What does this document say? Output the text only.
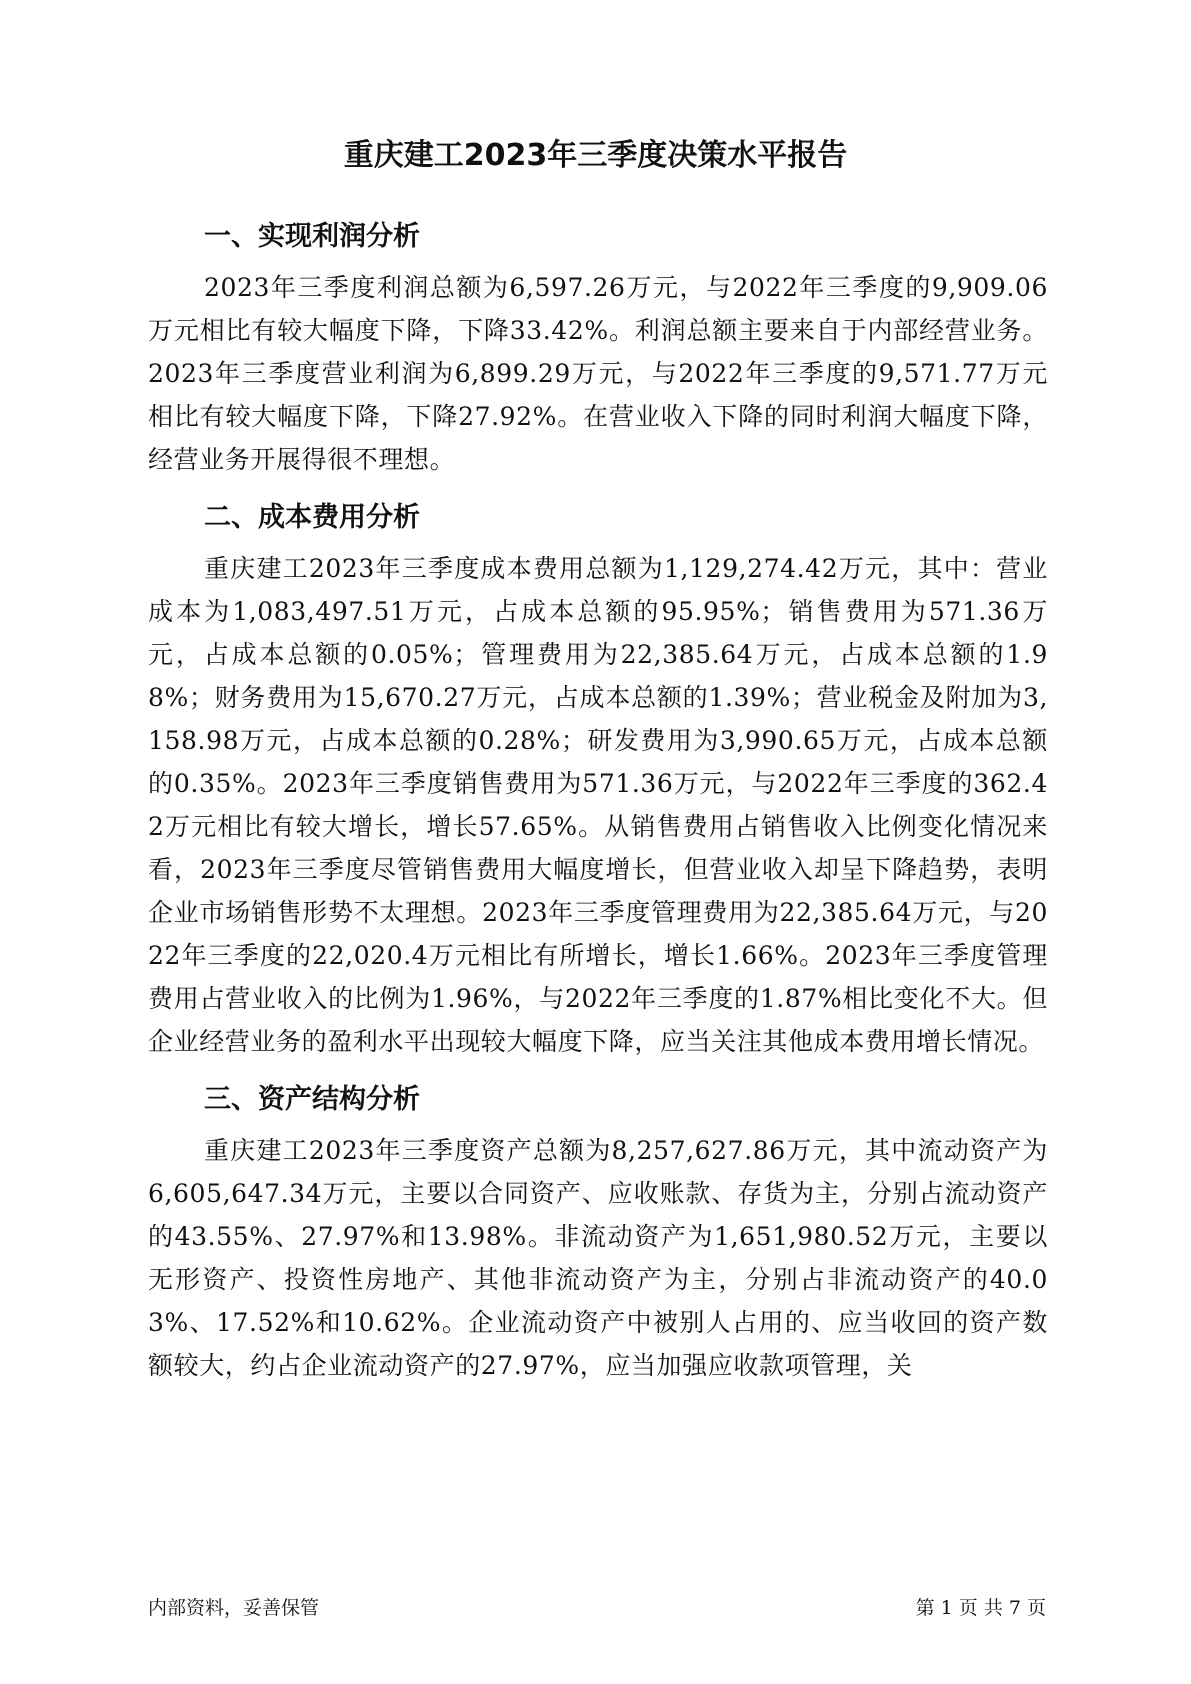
重庆建工2023年三季度决策水平报告
一、实现利润分析

2023年三季度利润总额为6,597.26万元，与2022年三季度的9,909.06万元相比有较大幅度下降，下降33.42%。利润总额主要来自于内部经营业务。2023年三季度营业利润为6,899.29万元，与2022年三季度的9,571.77万元相比有较大幅度下降，下降27.92%。在营业收入下降的同时利润大幅度下降，经营业务开展得很不理想。

二、成本费用分析

重庆建工2023年三季度成本费用总额为1,129,274.42万元，其中：营业成本为1,083,497.51万元，占成本总额的95.95%；销售费用为571.36万元，占成本总额的0.05%；管理费用为22,385.64万元，占成本总额的1.98%；财务费用为15,670.27万元，占成本总额的1.39%；营业税金及附加为3,158.98万元，占成本总额的0.28%；研发费用为3,990.65万元，占成本总额的0.35%。2023年三季度销售费用为571.36万元，与2022年三季度的362.42万元相比有较大增长，增长57.65%。从销售费用占销售收入比例变化情况来看，2023年三季度尽管销售费用大幅度增长，但营业收入却呈下降趋势，表明企业市场销售形势不太理想。2023年三季度管理费用为22,385.64万元，与2022年三季度的22,020.4万元相比有所增长，增长1.66%。2023年三季度管理费用占营业收入的比例为1.96%，与2022年三季度的1.87%相比变化不大。但企业经营业务的盈利水平出现较大幅度下降，应当关注其他成本费用增长情况。

三、资产结构分析

重庆建工2023年三季度资产总额为8,257,627.86万元，其中流动资产为6,605,647.34万元，主要以合同资产、应收账款、存货为主，分别占流动资产的43.55%、27.97%和13.98%。非流动资产为1,651,980.52万元，主要以无形资产、投资性房地产、其他非流动资产为主，分别占非流动资产的40.03%、17.52%和10.62%。企业流动资产中被别人占用的、应当收回的资产数额较大，约占企业流动资产的27.97%，应当加强应收款项管理，关

内部资料，妥善保管	第 1 页 共 7 页
